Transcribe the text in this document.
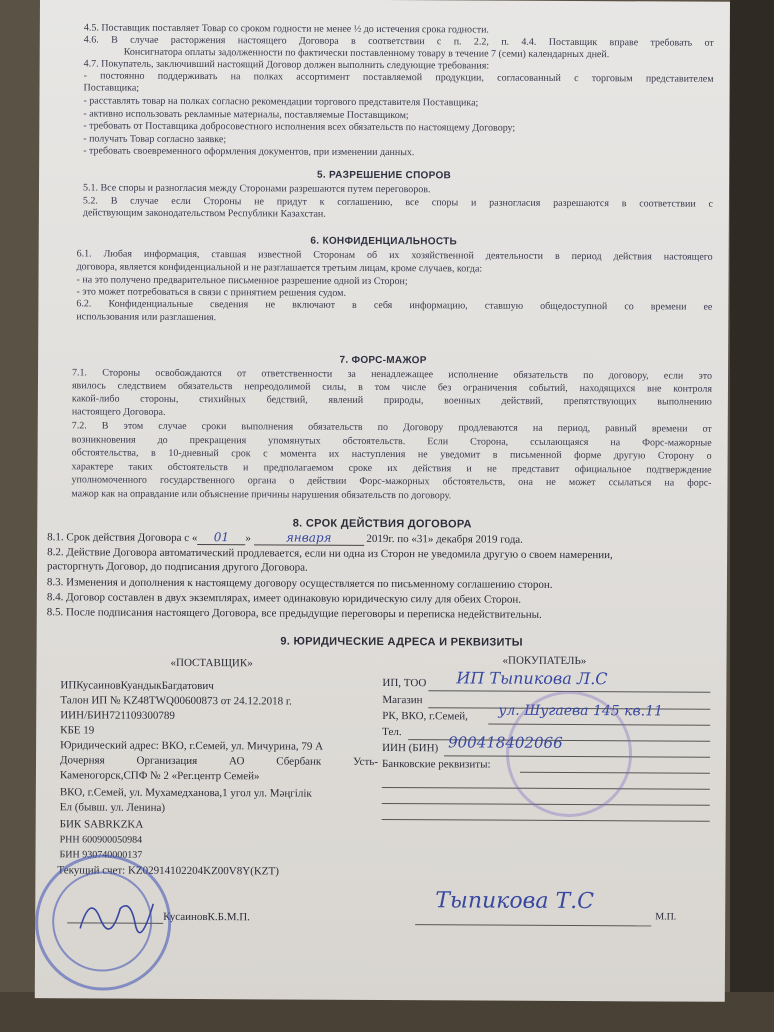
4.5. Поставщик поставляет Товар со сроком годности не менее ½ до истечения срока годности.
4.6. В случае расторжения настоящего Договора в соответствии с п. 2.2, п. 4.4. Поставщик вправе требовать от
Консигнатора оплаты задолженности по фактически поставленному товару в течение 7 (семи) календарных дней.
4.7. Покупатель, заключивший настоящий Договор должен выполнить следующие требования:
- постоянно поддерживать на полках ассортимент поставляемой продукции, согласованный с торговым представителем
Поставщика;
- расставлять товар на полках согласно рекомендации торгового представителя Поставщика;
- активно использовать рекламные материалы, поставляемые Поставщиком;
- требовать от Поставщика добросовестного исполнения всех обязательств по настоящему Договору;
- получать Товар согласно заявке;
- требовать своевременного оформления документов, при изменении данных.
5. РАЗРЕШЕНИЕ СПОРОВ
5.1. Все споры и разногласия между Сторонами разрешаются путем переговоров.
5.2. В случае если Стороны не придут к соглашению, все споры и разногласия разрешаются в соответствии с
действующим законодательством Республики Казахстан.
6. КОНФИДЕНЦИАЛЬНОСТЬ
6.1. Любая информация, ставшая известной Сторонам об их хозяйственной деятельности в период действия настоящего
договора, является конфиденциальной и не разглашается третьим лицам, кроме случаев, когда:
- на это получено предварительное письменное разрешение одной из Сторон;
- это может потребоваться в связи с принятием решения судом.
6.2. Конфиденциальные сведения не включают в себя информацию, ставшую общедоступной со времени ее
использования или разглашения.
7. ФОРС-МАЖОР
7.1. Стороны освобождаются от ответственности за ненадлежащее исполнение обязательств по договору, если это
явилось следствием обязательств непреодолимой силы, в том числе без ограничения событий, находящихся вне контроля
какой-либо стороны, стихийных бедствий, явлений природы, военных действий, препятствующих выполнению
настоящего Договора.
7.2. В этом случае сроки выполнения обязательств по Договору продлеваются на период, равный времени от
возникновения до прекращения упомянутых обстоятельств. Если Сторона, ссылающаяся на Форс-мажорные
обстоятельства, в 10-дневный срок с момента их наступления не уведомит в письменной форме другую Сторону о
характере таких обстоятельств и предполагаемом сроке их действия и не представит официальное подтверждение
уполномоченного государственного органа о действии Форс-мажорных обстоятельств, она не может ссылаться на форс-
мажор как на оправдание или объяснение причины нарушения обязательств по договору.
8. СРОК ДЕЙСТВИЯ ДОГОВОРА
8.1. Срок действия Договора с « 01 »	января	2019г. по «31» декабря 2019 года.
8.2. Действие Договора автоматический продлевается, если ни одна из Сторон не уведомила другую о своем намерении,
расторгнуть Договор, до подписания другого Договора.
8.3. Изменения и дополнения к настоящему договору осуществляется по письменному соглашению сторон.
8.4. Договор составлен в двух экземплярах, имеет одинаковую юридическую силу для обеих Сторон.
8.5. После подписания настоящего Договора, все предыдущие переговоры и переписка недействительны.
9. ЮРИДИЧЕСКИЕ АДРЕСА И РЕКВИЗИТЫ
«ПОСТАВЩИК»
ИПКусаиновКуандыкБагдатович
Талон ИП № KZ48TWQ00600873 от 24.12.2018 г.
ИИН/БИН721109300789
КБЕ 19
Юридический адрес: ВКО, г.Семей, ул. Мичурина, 79 А
Дочерняя Организация АО Сбербанк Усть-
Каменогорск,СПФ № 2 «Рег.центр Семей»
ВКО, г.Семей, ул. Мухамедханова,1 угол ул. Мәңгілік
Ел (бывш. ул. Ленина)
БИК SABRKZKA
РНН 600900050984
БИН 930740000137
Текущий счет: KZ02914102204KZ00V8Y(KZT)
КусаиновК.Б.М.П.
«ПОКУПАТЕЛЬ»
ИП, ТОО ИП Тыпикова Л.С
Магазин
РК, ВКО, г.Семей, ул. Шугаева 145 кв.11
Тел.
ИИН (БИН) 900418402066
Банковские реквизиты:
Тыпикова Т.С
М.П.
